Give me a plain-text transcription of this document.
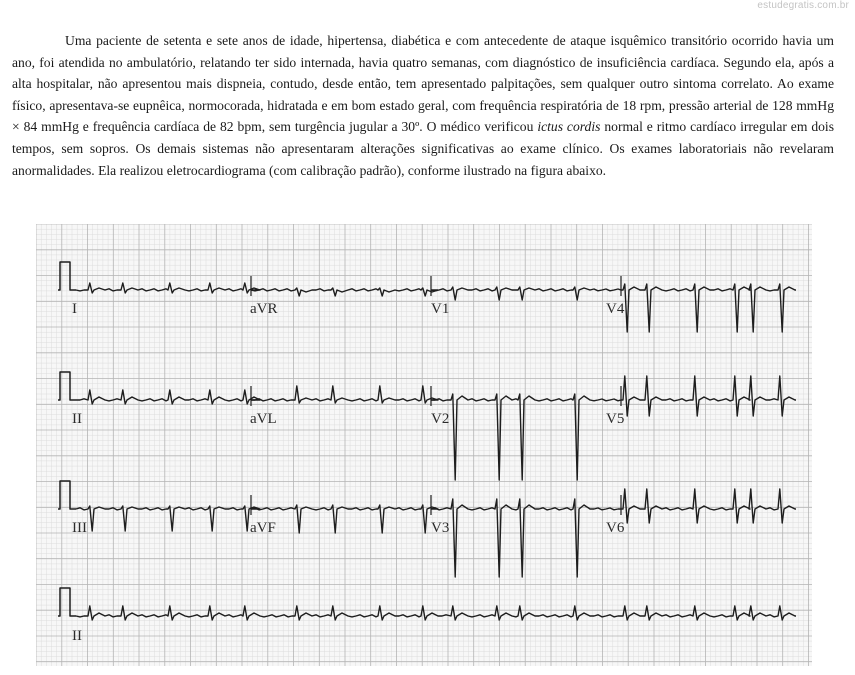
estudegratis.com.br

Uma paciente de setenta e sete anos de idade, hipertensa, diabética e com antecedente de ataque isquêmico transitório ocorrido havia um ano, foi atendida no ambulatório, relatando ter sido internada, havia quatro semanas, com diagnóstico de insuficiência cardíaca. Segundo ela, após a alta hospitalar, não apresentou mais dispneia, contudo, desde então, tem apresentado palpitações, sem qualquer outro sintoma correlato. Ao exame físico, apresentava-se eupnêica, normocorada, hidratada e em bom estado geral, com frequência respiratória de 18 rpm, pressão arterial de 128 mmHg × 84 mmHg e frequência cardíaca de 82 bpm, sem turgência jugular a 30º. O médico verificou ictus cordis normal e ritmo cardíaco irregular em dois tempos, sem sopros. Os demais sistemas não apresentaram alterações significativas ao exame clínico. Os exames laboratoriais não revelaram anormalidades. Ela realizou eletrocardiograma (com calibração padrão), conforme ilustrado na figura abaixo.

I	aVR	V1	V4
II	aVL	V2	V5
III	aVF	V3	V6
II
